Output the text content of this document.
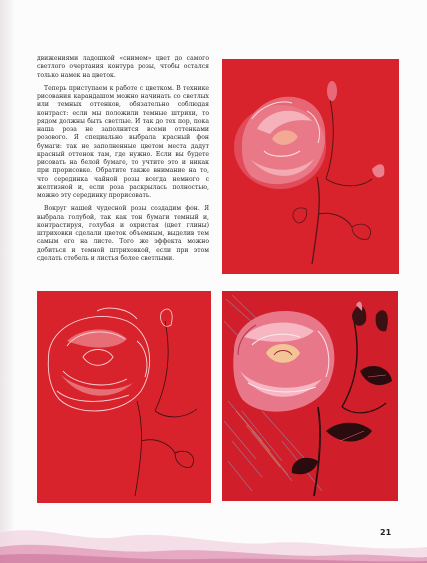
движениями ладошкой «снимем» цвет до самого светлого очертания контура розы, чтобы остался только намек на цветок.

Теперь приступаем к работе с цветком. В технике рисования карандашом можно начинать со светлых или темных оттенков, обязательно соблюдая контраст: если мы положили темные штрихи, то рядом должны быть светлые. И так до тех пор, пока наша роза не заполнится всеми оттенками розового. Я специально выбрала красный фон бумаги: так не заполненные цветом места дадут красный оттенок там, где нужно. Если вы будете рисовать на белой бумаге, то учтите это и никак при прорисовке. Обратите также внимание на то, что серединка чайной розы всегда немного с желтизной и, если роза раскрылась полностью, можно эту серединку прорисовать.

Вокруг нашей чудесной розы создадим фон. Я выбрала голубой, так как тон бумаги темный и, контрастируя, голубая и охристая (цвет глины) штриховки сделали цветок объемным, выделив тем самым его на листе. Того же эффекта можно добиться и темной штриховкой, если при этом сделать стебель и листья более светлыми.

21
